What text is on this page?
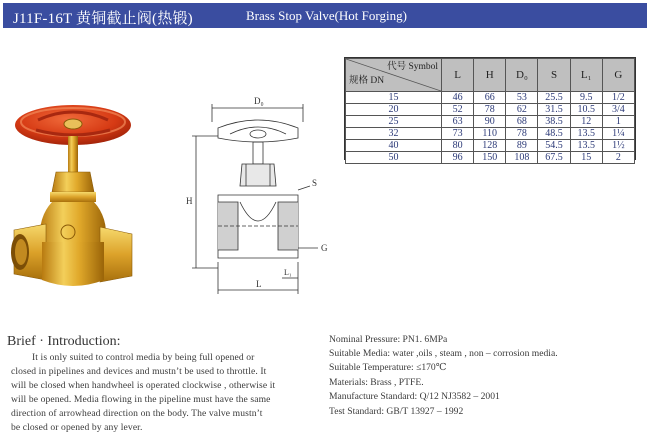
J11F-16T 黄铜截止阀(热锻)	Brass Stop Valve(Hot Forging)
D₀
H
S
G
L₁
L
代号 Symbol
规格 DN	L	H	D₀	S	L₁	G
15	46	66	53	25.5	9.5	1/2
20	52	78	62	31.5	10.5	3/4
25	63	90	68	38.5	12	1
32	73	110	78	48.5	13.5	1¼
40	80	128	89	54.5	13.5	1½
50	96	150	108	67.5	15	2
Brief · Introduction:
It is only suited to control media by being full opened or
closed in pipelines and devices and mustn’t be used to throttle. It
will be closed when handwheel is operated clockwise , otherwise it
will be opened. Media flowing in the pipeline must have the same
direction of arrowhead direction on the body. The valve mustn’t
be closed or opened by any lever.
Nominal Pressure: PN1. 6MPa
Suitable Media: water ,oils , steam , non – corrosion media.
Suitable Temperature: ≤170℃
Materials: Brass , PTFE.
Manufacture Standard: Q/12 NJ3582 – 2001
Test Standard: GB/T 13927 – 1992
